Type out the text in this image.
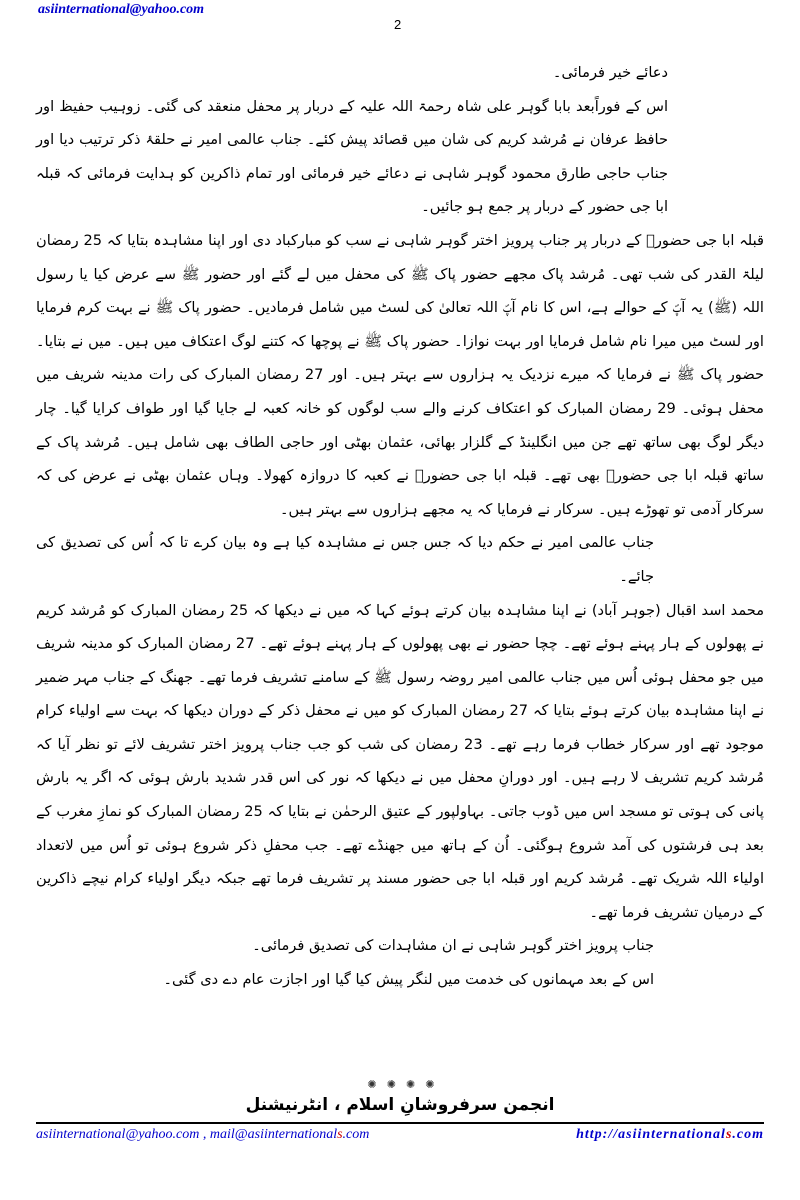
asiinternational@yahoo.com
2

دعائے خیر فرمائی۔

اس کے فوراًبعد بابا گوہر علی شاہ رحمۃ اللہ علیہ کے دربار پر محفل منعقد کی گئی۔ زوہیب حفیظ اور حافظ عرفان نے مُرشد کریم کی شان میں قصائد پیش کئے۔ جناب عالمی امیر نے حلقۂ ذکر ترتیب دیا اور جناب حاجی طارق محمود گوہر شاہی نے دعائے خیر فرمائی اور تمام ذاکرین کو ہدایت فرمائی کہ قبلہ ابا جی حضور کے دربار پر جمع ہو جائیں۔

قبلہ ابا جی حضورؒ کے دربار پر جناب پرویز اختر گوہر شاہی نے سب کو مبارکباد دی اور اپنا مشاہدہ بتایا کہ 25 رمضان لیلۃ القدر کی شب تھی۔ مُرشد پاک مجھے حضور پاک ﷺ کی محفل میں لے گئے اور حضور ﷺ سے عرض کیا یا رسول اللہ (ﷺ) یہ آپؐ کے حوالے ہے، اس کا نام آپؐ اللہ تعالیٰ کی لسٹ میں شامل فرمادیں۔ حضور پاک ﷺ نے بہت کرم فرمایا اور لسٹ میں میرا نام شامل فرمایا اور بہت نوازا۔ حضور پاک ﷺ نے پوچھا کہ کتنے لوگ اعتکاف میں ہیں۔ میں نے بتایا۔ حضور پاک ﷺ نے فرمایا کہ میرے نزدیک یہ ہزاروں سے بہتر ہیں۔ اور 27 رمضان المبارک کی رات مدینہ شریف میں محفل ہوئی۔ 29 رمضان المبارک کو اعتکاف کرنے والے سب لوگوں کو خانہ کعبہ لے جایا گیا اور طواف کرایا گیا۔ چار دیگر لوگ بھی ساتھ تھے جن میں انگلینڈ کے گلزار بھائی، عثمان بھٹی اور حاجی الطاف بھی شامل ہیں۔ مُرشد پاک کے ساتھ قبلہ ابا جی حضورؒ بھی تھے۔ قبلہ ابا جی حضورؒ نے کعبہ کا دروازہ کھولا۔ وہاں عثمان بھٹی نے عرض کی کہ سرکار آدمی تو تھوڑے ہیں۔ سرکار نے فرمایا کہ یہ مجھے ہزاروں سے بہتر ہیں۔

جناب عالمی امیر نے حکم دیا کہ جس جس نے مشاہدہ کیا ہے وہ بیان کرے تا کہ اُس کی تصدیق کی جائے۔

محمد اسد اقبال (جوہر آباد) نے اپنا مشاہدہ بیان کرتے ہوئے کہا کہ میں نے دیکھا کہ 25 رمضان المبارک کو مُرشد کریم نے پھولوں کے ہار پہنے ہوئے تھے۔ چچا حضور نے بھی پھولوں کے ہار پہنے ہوئے تھے۔ 27 رمضان المبارک کو مدینہ شریف میں جو محفل ہوئی اُس میں جناب عالمی امیر روضہ رسول ﷺ کے سامنے تشریف فرما تھے۔ جھنگ کے جناب مہر ضمیر نے اپنا مشاہدہ بیان کرتے ہوئے بتایا کہ 27 رمضان المبارک کو میں نے محفل ذکر کے دوران دیکھا کہ بہت سے اولیاء کرام موجود تھے اور سرکار خطاب فرما رہے تھے۔ 23 رمضان کی شب کو جب جناب پرویز اختر تشریف لائے تو نظر آیا کہ مُرشد کریم تشریف لا رہے ہیں۔ اور دورانِ محفل میں نے دیکھا کہ نور کی اس قدر شدید بارش ہوئی کہ اگر یہ بارش پانی کی ہوتی تو مسجد اس میں ڈوب جاتی۔ بہاولپور کے عتیق الرحمٰن نے بتایا کہ 25 رمضان المبارک کو نمازِ مغرب کے بعد ہی فرشتوں کی آمد شروع ہوگئی۔ اُن کے ہاتھ میں جھنڈے تھے۔ جب محفلِ ذکر شروع ہوئی تو اُس میں لاتعداد اولیاء اللہ شریک تھے۔ مُرشد کریم اور قبلہ ابا جی حضور مسند پر تشریف فرما تھے جبکہ دیگر اولیاء کرام نیچے ذاکرین کے درمیان تشریف فرما تھے۔

جناب پرویز اختر گوہر شاہی نے ان مشاہدات کی تصدیق فرمائی۔

اس کے بعد مہمانوں کی خدمت میں لنگر پیش کیا گیا اور اجازت عام دے دی گئی۔

✺ ✺ ✺ ✺
انجمن سرفروشانِ اسلام ، انٹرنیشنل
asiinternational@yahoo.com , mail@asiinternationals.com	http://asiinternationals.com
